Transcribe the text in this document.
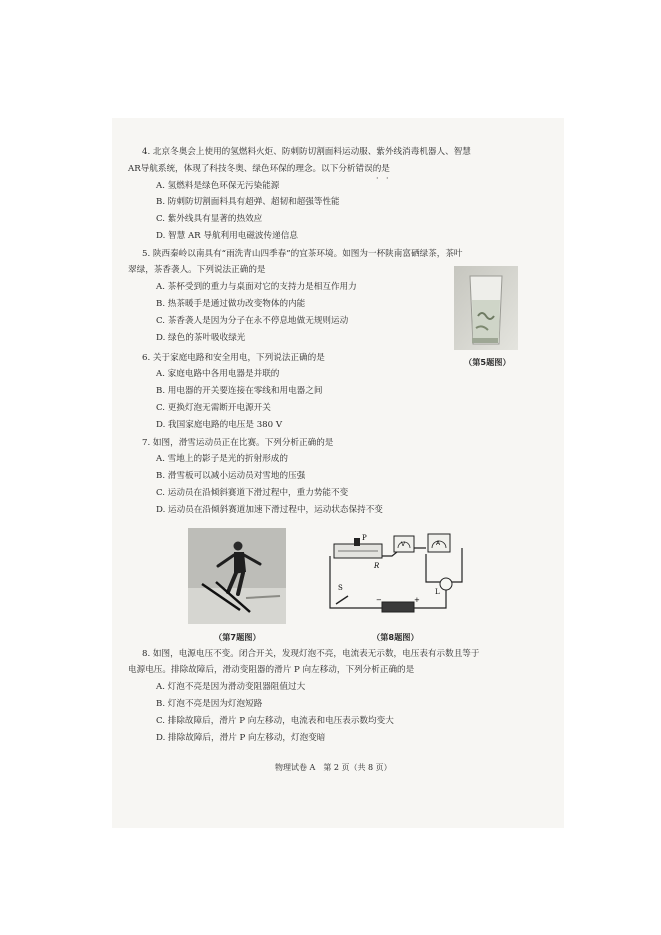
4. 北京冬奥会上使用的氢燃料火炬、防刺防切割面料运动服、紫外线消毒机器人、智慧
AR导航系统，体现了科技冬奥、绿色环保的理念。以下分析错误的是
· ·
A. 氢燃料是绿色环保无污染能源
B. 防刺防切割面料具有超弹、超韧和超强等性能
C. 紫外线具有显著的热效应
D. 智慧 AR 导航利用电磁波传递信息
5. 陕西秦岭以南具有“雨洗青山四季春”的宜茶环境。如图为一杯陕南富硒绿茶，茶叶
翠绿，茶香袭人。下列说法正确的是
A. 茶杯受到的重力与桌面对它的支持力是相互作用力
B. 热茶暖手是通过做功改变物体的内能
C. 茶香袭人是因为分子在永不停息地做无规则运动
D. 绿色的茶叶吸收绿光
（第5题图）
6. 关于家庭电路和安全用电，下列说法正确的是
A. 家庭电路中各用电器是并联的
B. 用电器的开关要连接在零线和用电器之间
C. 更换灯泡无需断开电源开关
D. 我国家庭电路的电压是 380 V
7. 如图，滑雪运动员正在比赛。下列分析正确的是
A. 雪地上的影子是光的折射形成的
B. 滑雪板可以减小运动员对雪地的压强
C. 运动员在沿倾斜赛道下滑过程中，重力势能不变
D. 运动员在沿倾斜赛道加速下滑过程中，运动状态保持不变
（第7题图）
P
R
V	A
L
S
−	+
（第8题图）
8. 如图，电源电压不变。闭合开关，发现灯泡不亮，电流表无示数，电压表有示数且等于
电源电压。排除故障后，滑动变阻器的滑片 P 向左移动，下列分析正确的是
A. 灯泡不亮是因为滑动变阻器阻值过大
B. 灯泡不亮是因为灯泡短路
C. 排除故障后，滑片 P 向左移动，电流表和电压表示数均变大
D. 排除故障后，滑片 P 向左移动，灯泡变暗
物理试卷 A　第 2 页（共 8 页）
